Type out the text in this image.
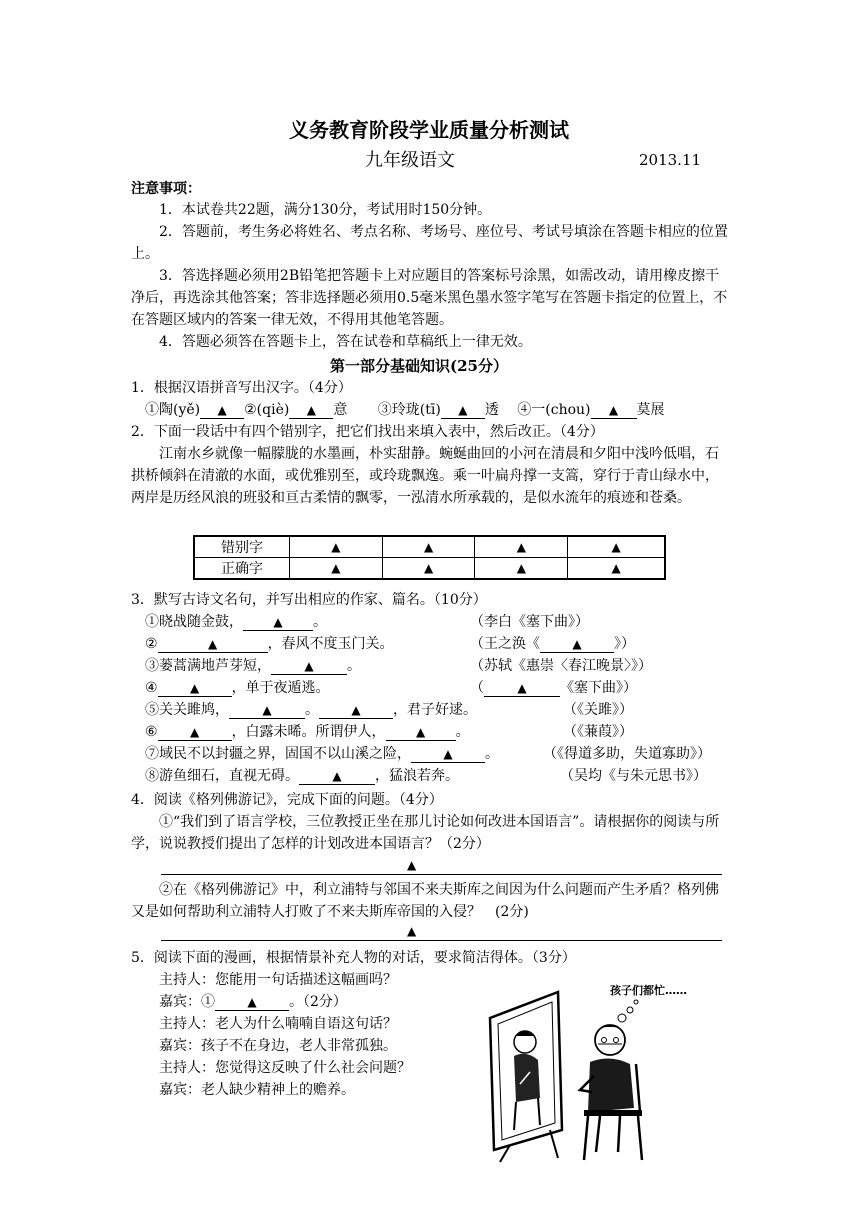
义务教育阶段学业质量分析测试
九年级语文	2013.11
注意事项：
1．本试卷共22题，满分130分，考试用时150分钟。
2．答题前，考生务必将姓名、考点名称、考场号、座位号、考试号填涂在答题卡相应的位置上。
3．答选择题必须用2B铅笔把答题卡上对应题目的答案标号涂黑，如需改动，请用橡皮擦干净后，再选涂其他答案；答非选择题必须用0.5毫米黑色墨水签字笔写在答题卡指定的位置上，不在答题区域内的答案一律无效，不得用其他笔答题。
4．答题必须答在答题卡上，答在试卷和草稿纸上一律无效。
第一部分基础知识(25分）
1．根据汉语拼音写出汉字。（4分）
①陶(yě) ▲ ②(qiè) ▲ 意 ③玲珑(tī) ▲ 透 ④一(chou) ▲ 莫展
2．下面一段话中有四个错别字，把它们找出来填入表中，然后改正。（4分）
江南水乡就像一幅朦胧的水墨画，朴实甜静。蜿蜒曲回的小河在清晨和夕阳中浅吟低唱，石拱桥倾斜在清澈的水面，或优雅别至，或玲珑飘逸。乘一叶扁舟撑一支篙，穿行于青山绿水中，两岸是历经风浪的班驳和亘古柔情的飘零，一泓清水所承载的，是似水流年的痕迹和苍桑。
错别字	▲	▲	▲	▲
正确字	▲	▲	▲	▲
3．默写古诗文名句，并写出相应的作家、篇名。（10分）
①晓战随金鼓，	▲ 。	（李白《塞下曲》）
②	▲	，春风不度玉门关。	（王之涣《	▲ 》）
③蒌蒿满地芦芽短，	▲ 。	（苏轼《惠崇〈春江晚景〉》）
④	▲ ，单于夜遁逃。	（	▲ 《塞下曲》）
⑤关关雎鸠，	▲ 。	▲ ，君子好逑。	（《关雎》）
⑥	▲ ，白露未晞。所谓伊人，	▲ 。	（《蒹葭》）
⑦域民不以封疆之界，固国不以山溪之险，	▲ 。	（《得道多助，失道寡助》）
⑧游鱼细石，直视无碍。	▲ ，猛浪若奔。	（吴均《与朱元思书》）
4．阅读《格列佛游记》，完成下面的问题。（4分）
①“我们到了语言学校，三位教授正坐在那儿讨论如何改进本国语言”。请根据你的阅读与所学，说说教授们提出了怎样的计划改进本国语言？（2分）
▲
②在《格列佛游记》中，利立浦特与邻国不来夫斯库之间因为什么问题而产生矛盾？格列佛又是如何帮助利立浦特人打败了不来夫斯库帝国的入侵？　(2分)
▲
5．阅读下面的漫画，根据情景补充人物的对话，要求简洁得体。（3分）
主持人：您能用一句话描述这幅画吗？
嘉宾：①	▲ 。（2分）
主持人：老人为什么喃喃自语这句话？
嘉宾：孩子不在身边，老人非常孤独。
主持人：您觉得这反映了什么社会问题？
嘉宾：老人缺少精神上的赡养。
孩子们都忙……
